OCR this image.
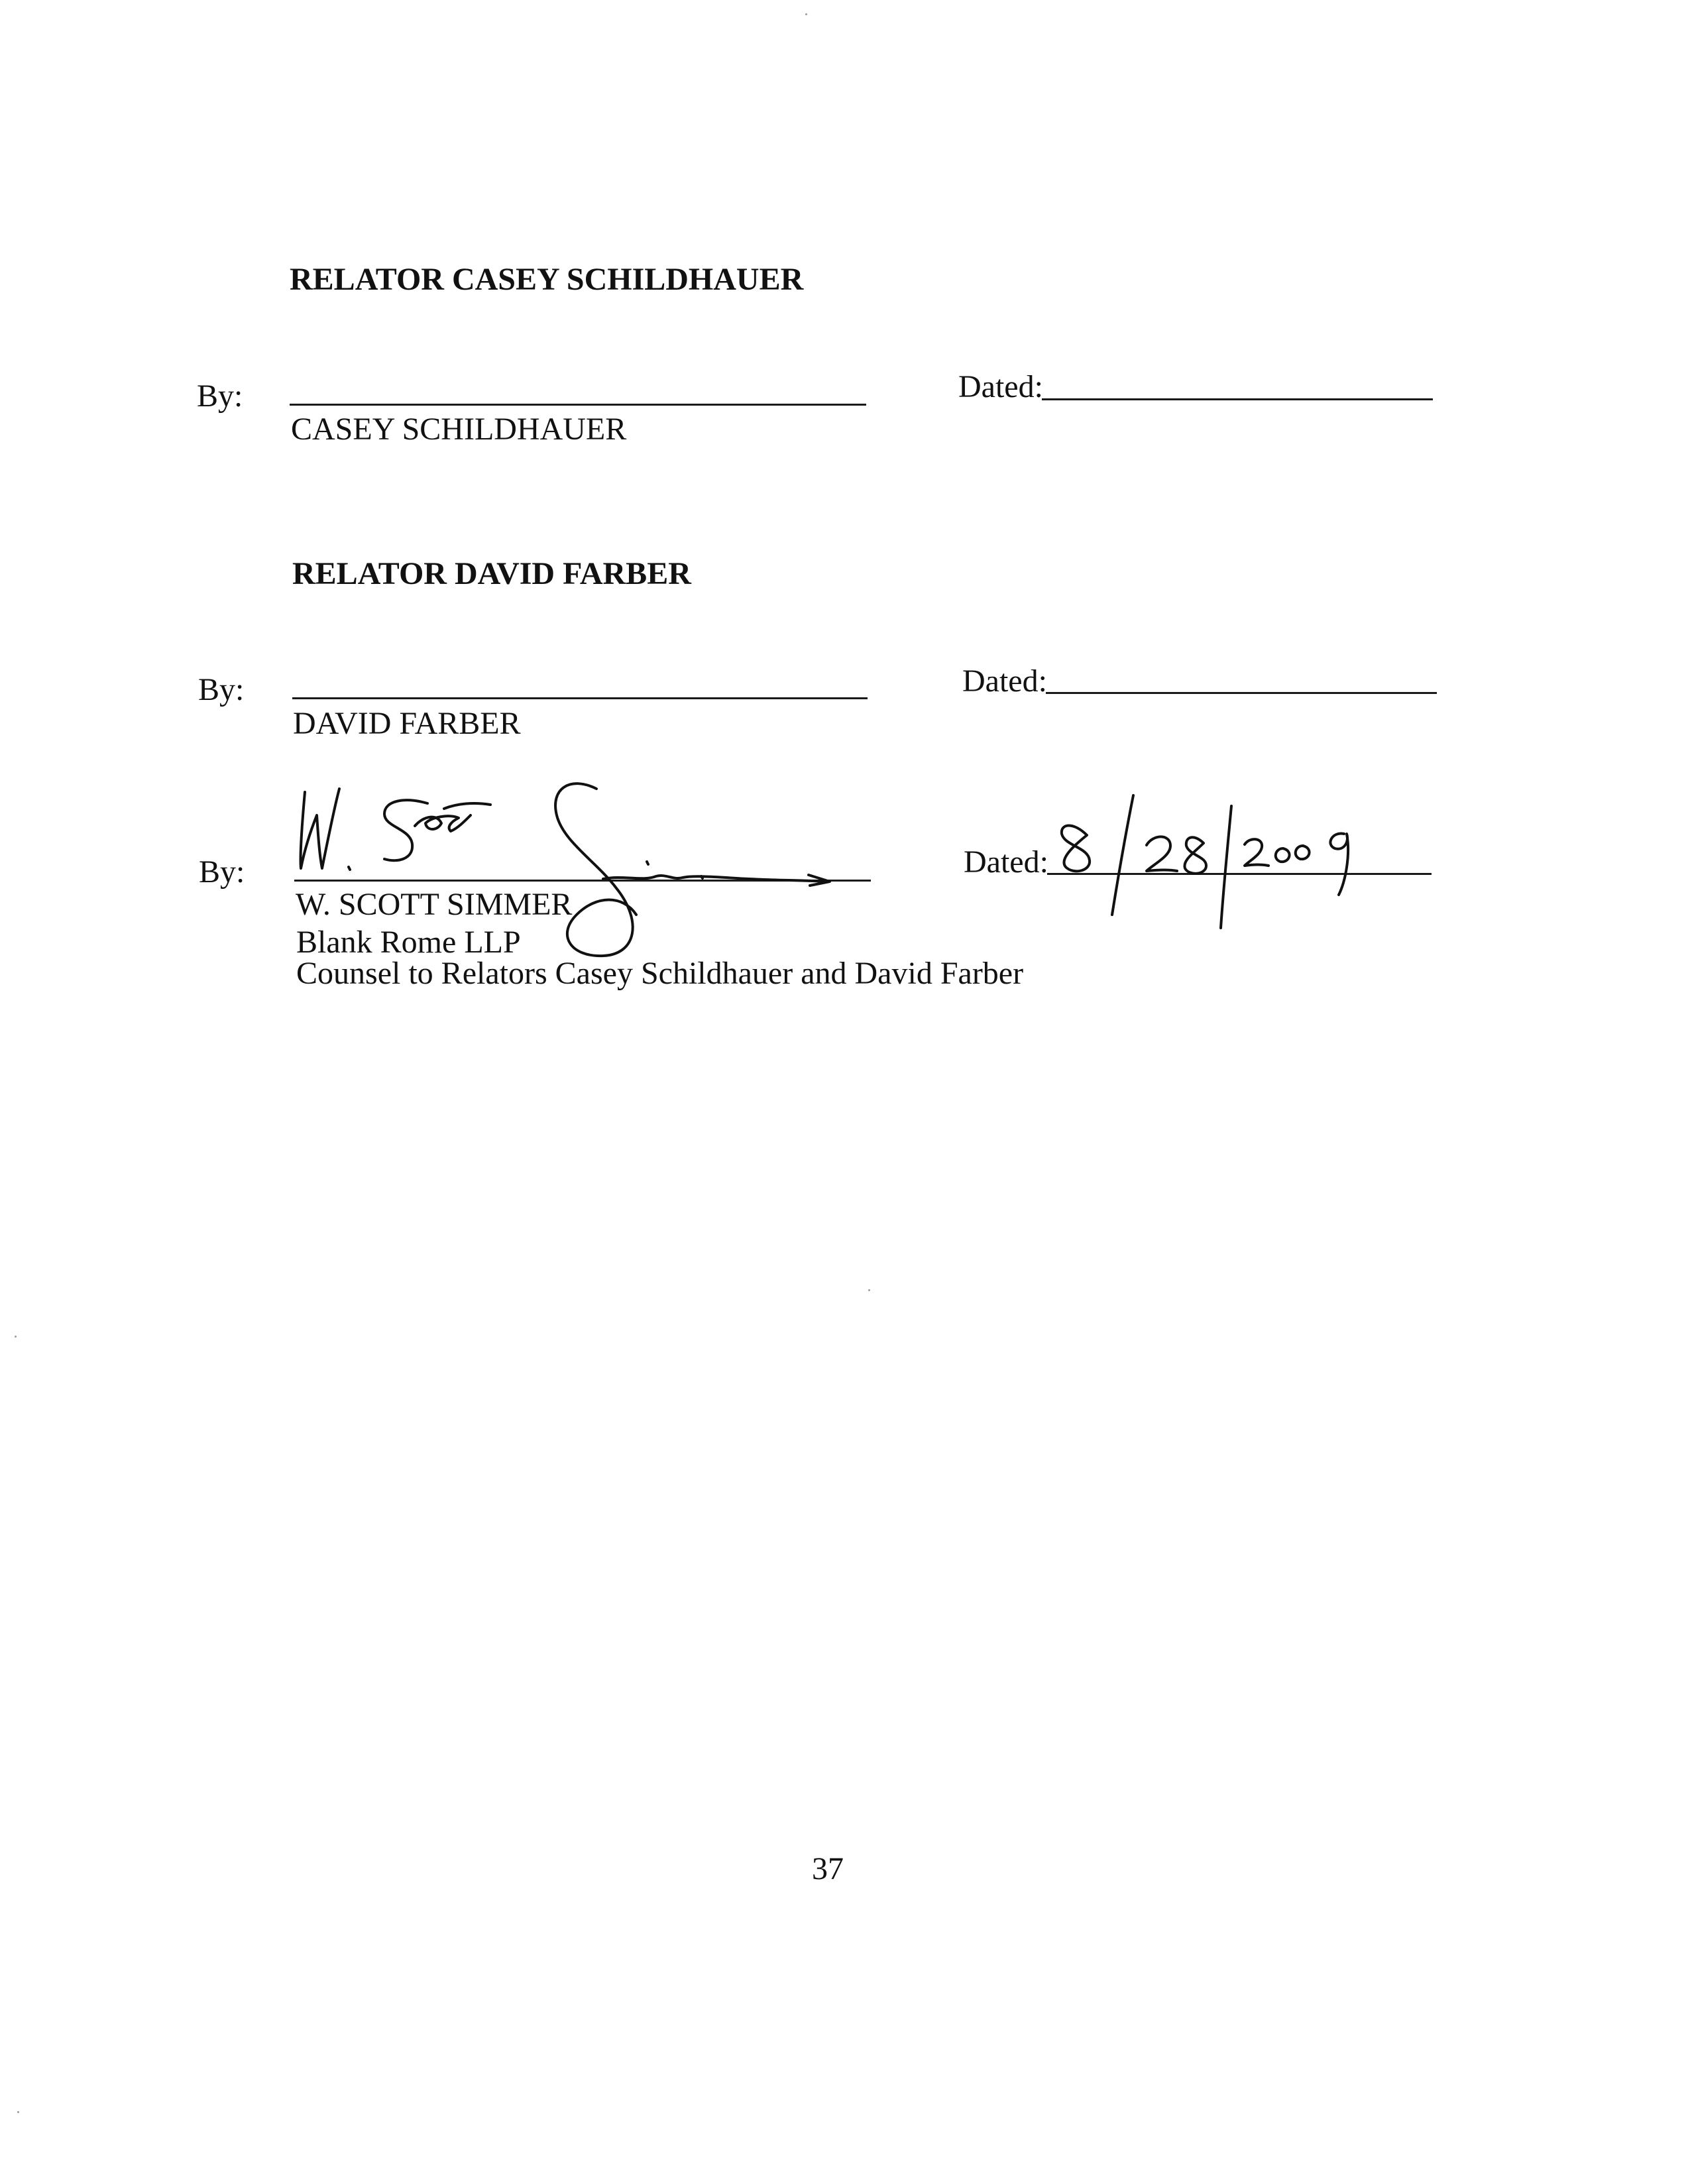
RELATOR CASEY SCHILDHAUER
By:
CASEY SCHILDHAUER
Dated:
RELATOR DAVID FARBER
By:
DAVID FARBER
Dated:
By:
W. SCOTT SIMMER
Blank Rome LLP
Counsel to Relators Casey Schildhauer and David Farber
Dated:
37
